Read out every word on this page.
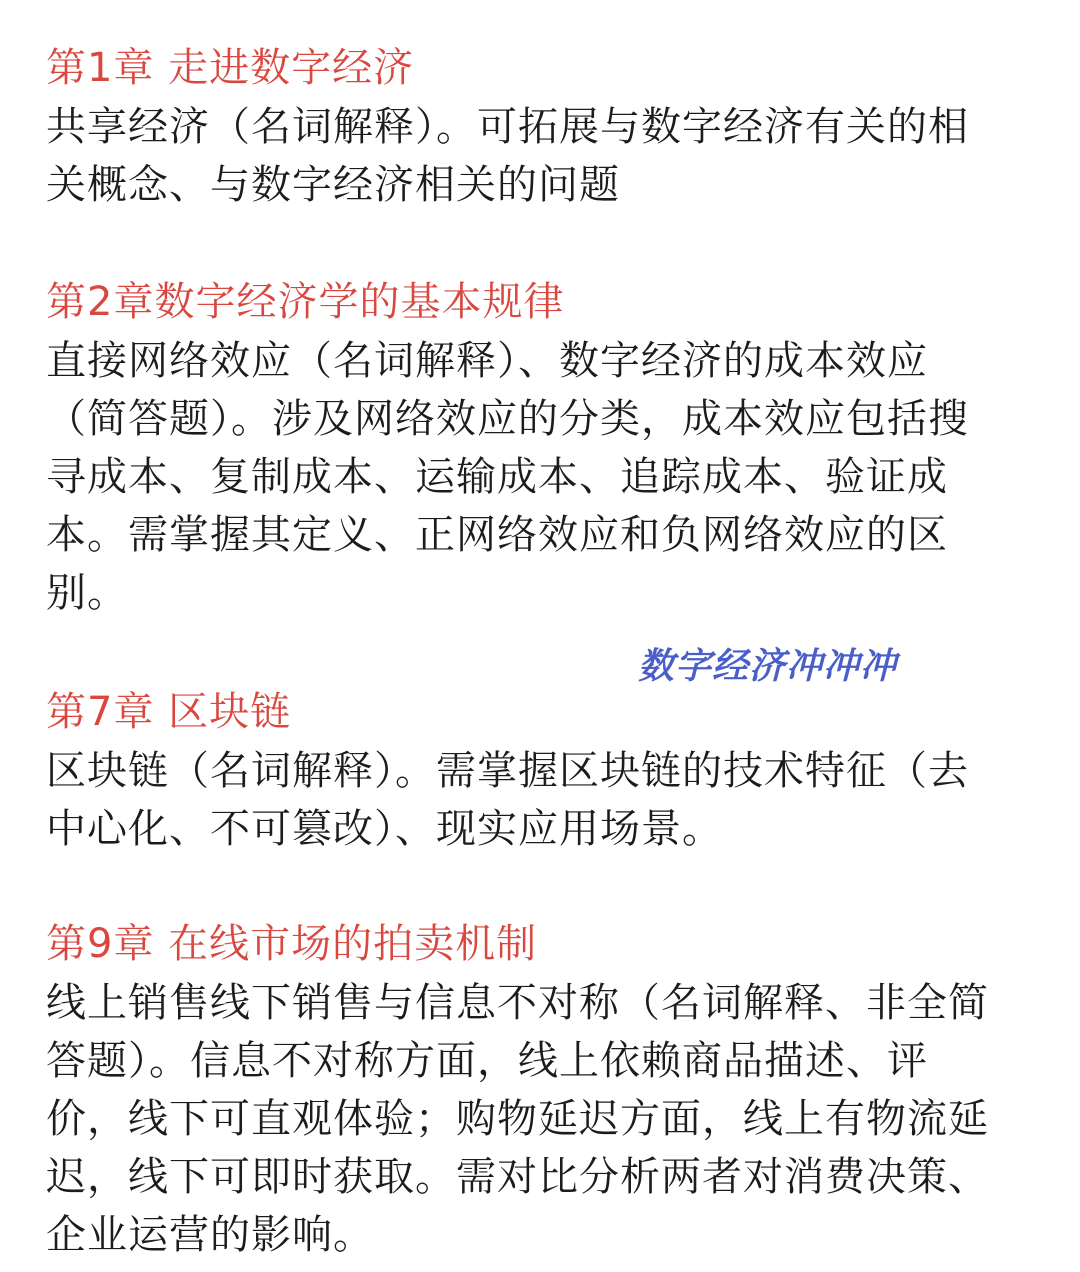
第1章 走进数字经济

共享经济（名词解释）。可拓展与数字经济有关的相

关概念、与数字经济相关的问题

第2章数字经济学的基本规律

直接网络效应（名词解释）、数字经济的成本效应

（简答题）。涉及网络效应的分类，成本效应包括搜

寻成本、复制成本、运输成本、追踪成本、验证成

本。需掌握其定义、正网络效应和负网络效应的区

别。

数字经济冲冲冲
第7章 区块链

区块链（名词解释）。需掌握区块链的技术特征（去

中心化、不可篡改）、现实应用场景。

第9章 在线市场的拍卖机制

线上销售线下销售与信息不对称（名词解释、非全简

答题）。信息不对称方面，线上依赖商品描述、评

价，线下可直观体验；购物延迟方面，线上有物流延

迟，线下可即时获取。需对比分析两者对消费决策、

企业运营的影响。
